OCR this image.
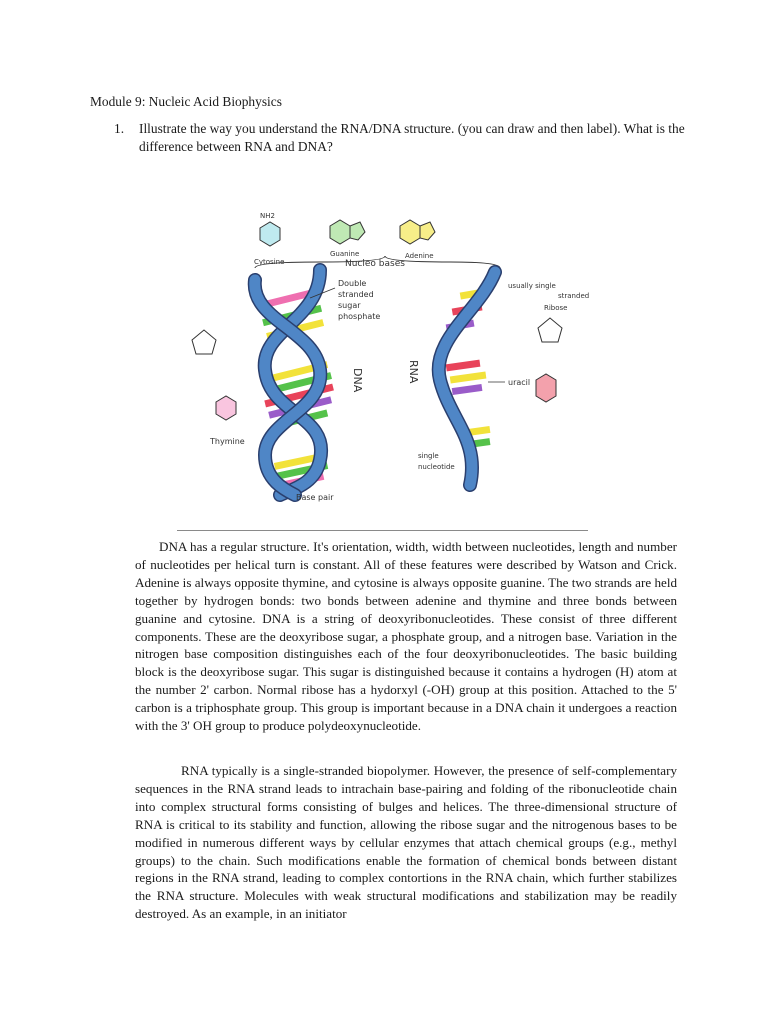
Module 9: Nucleic Acid Biophysics
1. Illustrate the way you understand the RNA/DNA structure. (you can draw and then label). What is the difference between RNA and DNA?
NH2
Cytosine
Guanine	Adenine
Nucleo bases
Thymine
Double
stranded
sugar
phosphate
DNA
Base pair
RNA
usually single
stranded
Ribose
uracil
single
nucleotide

DNA has a regular structure. It's orientation, width, width between nucleotides, length and number of nucleotides per helical turn is constant. All of these features were described by Watson and Crick. Adenine is always opposite thymine, and cytosine is always opposite guanine. The two strands are held together by hydrogen bonds: two bonds between adenine and thymine and three bonds between guanine and cytosine. DNA is a string of deoxyribonucleotides. These consist of three different components. These are the deoxyribose sugar, a phosphate group, and a nitrogen base. Variation in the nitrogen base composition distinguishes each of the four deoxyribonucleotides. The basic building block is the deoxyribose sugar. This sugar is distinguished because it contains a hydrogen (H) atom at the number 2' carbon. Normal ribose has a hydorxyl (-OH) group at this position. Attached to the 5' carbon is a triphosphate group. This group is important because in a DNA chain it undergoes a reaction with the 3' OH group to produce polydeoxynucleotide.

RNA typically is a single-stranded biopolymer. However, the presence of self-complementary sequences in the RNA strand leads to intrachain base-pairing and folding of the ribonucleotide chain into complex structural forms consisting of bulges and helices. The three-dimensional structure of RNA is critical to its stability and function, allowing the ribose sugar and the nitrogenous bases to be modified in numerous different ways by cellular enzymes that attach chemical groups (e.g., methyl groups) to the chain. Such modifications enable the formation of chemical bonds between distant regions in the RNA strand, leading to complex contortions in the RNA chain, which further stabilizes the RNA structure. Molecules with weak structural modifications and stabilization may be readily destroyed. As an example, in an initiator
